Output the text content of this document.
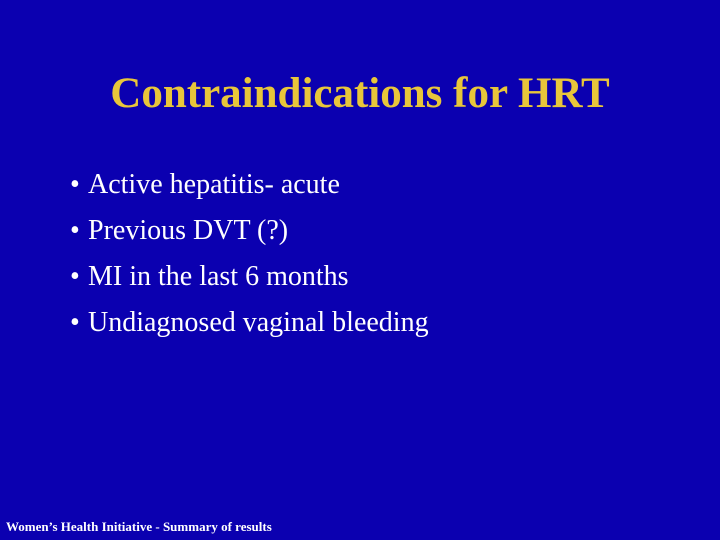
Contraindications for HRT
• Active hepatitis- acute
• Previous DVT (?)
• MI in the last 6 months
• Undiagnosed vaginal bleeding

Women’s Health Initiative - Summary of results
